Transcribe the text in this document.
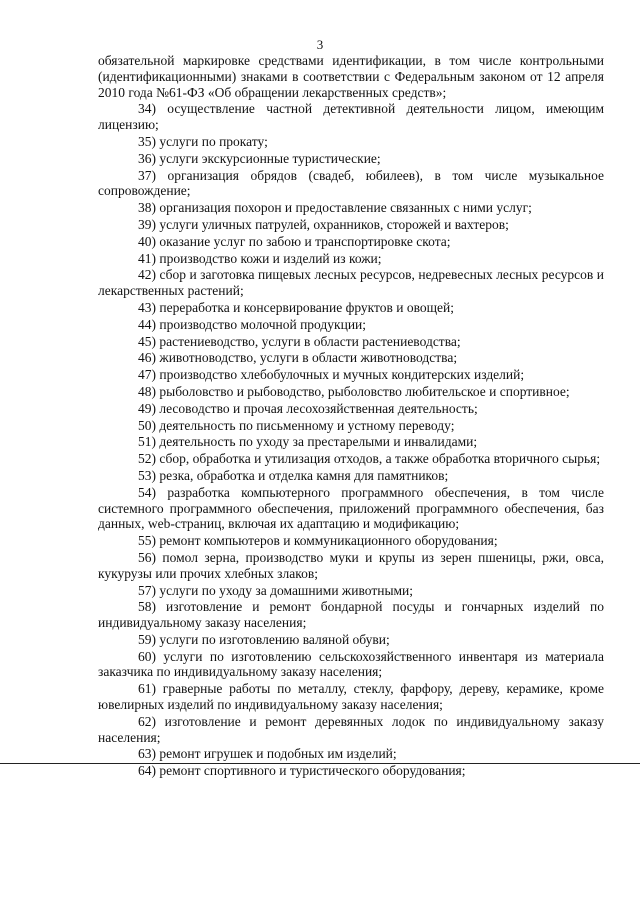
3

обязательной маркировке средствами идентификации, в том числе контрольными (идентификационными) знаками в соответствии с Федеральным законом от 12 апреля 2010 года №61-ФЗ «Об обращении лекарственных средств»;

34) осуществление частной детективной деятельности лицом, имеющим лицензию;

35) услуги по прокату;

36) услуги экскурсионные туристические;

37) организация обрядов (свадеб, юбилеев), в том числе музыкальное сопровождение;

38) организация похорон и предоставление связанных с ними услуг;

39) услуги уличных патрулей, охранников, сторожей и вахтеров;

40) оказание услуг по забою и транспортировке скота;

41) производство кожи и изделий из кожи;

42) сбор и заготовка пищевых лесных ресурсов, недревесных лесных ресурсов и лекарственных растений;

43) переработка и консервирование фруктов и овощей;

44) производство молочной продукции;

45) растениеводство, услуги в области растениеводства;

46) животноводство, услуги в области животноводства;

47) производство хлебобулочных и мучных кондитерских изделий;

48) рыболовство и рыбоводство, рыболовство любительское и спортивное;

49) лесоводство и прочая лесохозяйственная деятельность;

50) деятельность по письменному и устному переводу;

51) деятельность по уходу за престарелыми и инвалидами;

52) сбор, обработка и утилизация отходов, а также обработка вторичного сырья;

53) резка, обработка и отделка камня для памятников;

54) разработка компьютерного программного обеспечения, в том числе системного программного обеспечения, приложений программного обеспечения, баз данных, web-страниц, включая их адаптацию и модификацию;

55) ремонт компьютеров и коммуникационного оборудования;

56) помол зерна, производство муки и крупы из зерен пшеницы, ржи, овса, кукурузы или прочих хлебных злаков;

57) услуги по уходу за домашними животными;

58) изготовление и ремонт бондарной посуды и гончарных изделий по индивидуальному заказу населения;

59) услуги по изготовлению валяной обуви;

60) услуги по изготовлению сельскохозяйственного инвентаря из материала заказчика по индивидуальному заказу населения;

61) граверные работы по металлу, стеклу, фарфору, дереву, керамике, кроме ювелирных изделий по индивидуальному заказу населения;

62) изготовление и ремонт деревянных лодок по индивидуальному заказу населения;

63) ремонт игрушек и подобных им изделий;

64) ремонт спортивного и туристического оборудования;
